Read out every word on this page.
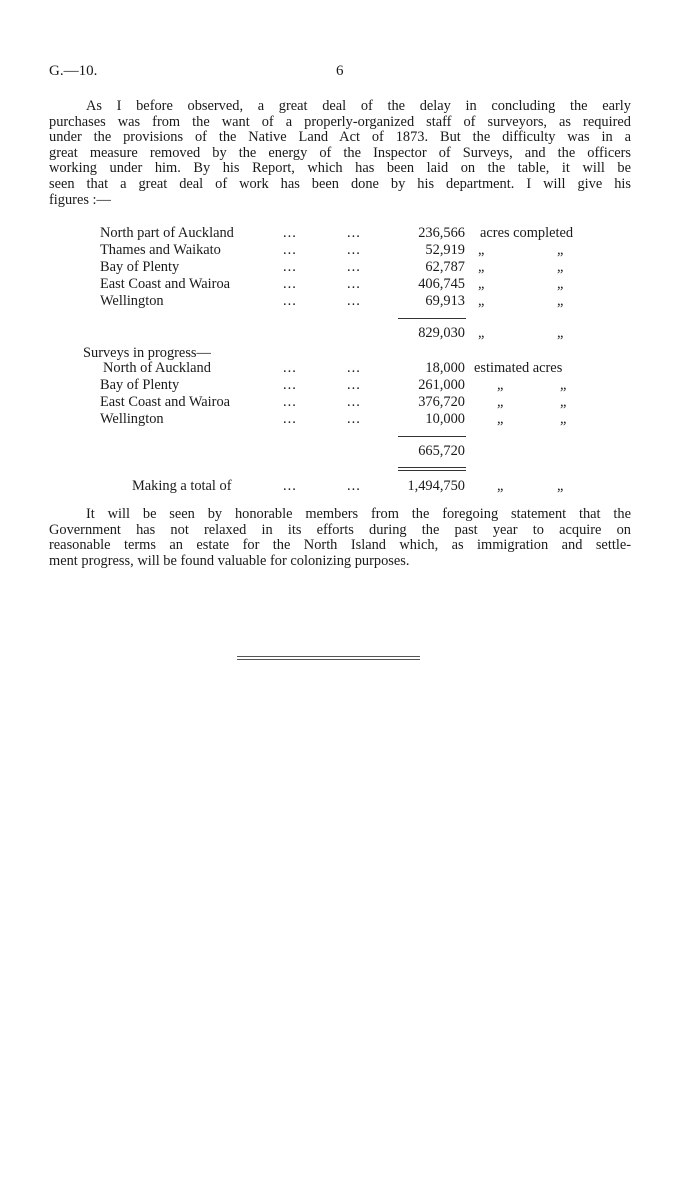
G.—10.	6
As I before observed, a great deal of the delay in concluding the early
purchases was from the want of a properly-organized staff of surveyors, as required
under the provisions of the Native Land Act of 1873. But the difficulty was in a
great measure removed by the energy of the Inspector of Surveys, and the officers
working under him. By his Report, which has been laid on the table, it will be
seen that a great deal of work has been done by his department. I will give his
figures :—
North part of Auckland	...	...	236,566 acres completed
Thames and Waikato	...	...	52,919 „	„
Bay of Plenty	...	...	62,787 „	„
East Coast and Wairoa	...	...	406,745 „	„
Wellington	...	...	69,913 „	„
829,030 „	„
Surveys in progress—
North of Auckland	...	...	18,000 estimated acres
Bay of Plenty	...	...	261,000 „	„
East Coast and Wairoa	...	...	376,720 „	„
Wellington	...	...	10,000 „	„
665,720
Making a total of	...	...	1,494,750 „	„
It will be seen by honorable members from the foregoing statement that the
Government has not relaxed in its efforts during the past year to acquire on
reasonable terms an estate for the North Island which, as immigration and settle-
ment progress, will be found valuable for colonizing purposes.
